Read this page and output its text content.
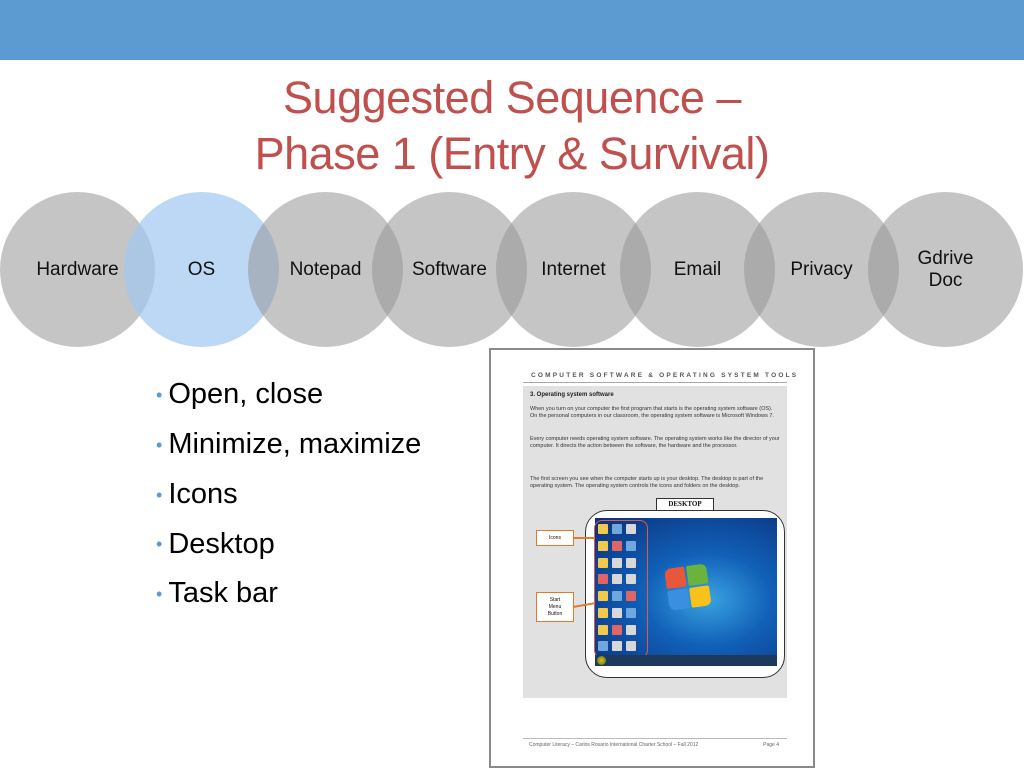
Suggested Sequence –
Phase 1 (Entry & Survival)
Hardware	OS	Notepad	Software	Internet	Email	Privacy
Gdrive
Doc
• Open, close
• Minimize, maximize
• Icons
• Desktop
• Task bar
COMPUTER SOFTWARE & OPERATING SYSTEM TOOLS
3. Operating system software
When you turn on your computer the first program that starts is the operating system software (OS). On the personal computers in our classroom, the operating system software is Microsoft Windows 7.
Every computer needs operating system software. The operating system works like the director of your computer. It directs the action between the software, the hardware and the processor.
The first screen you see when the computer starts up is your desktop. The desktop is part of the operating system. The operating system controls the icons and folders on the desktop.
DESKTOP
Icons
Start
Menu
Button
Computer Literacy – Carlos Rosario International Charter School – Fall 2012	Page 4
